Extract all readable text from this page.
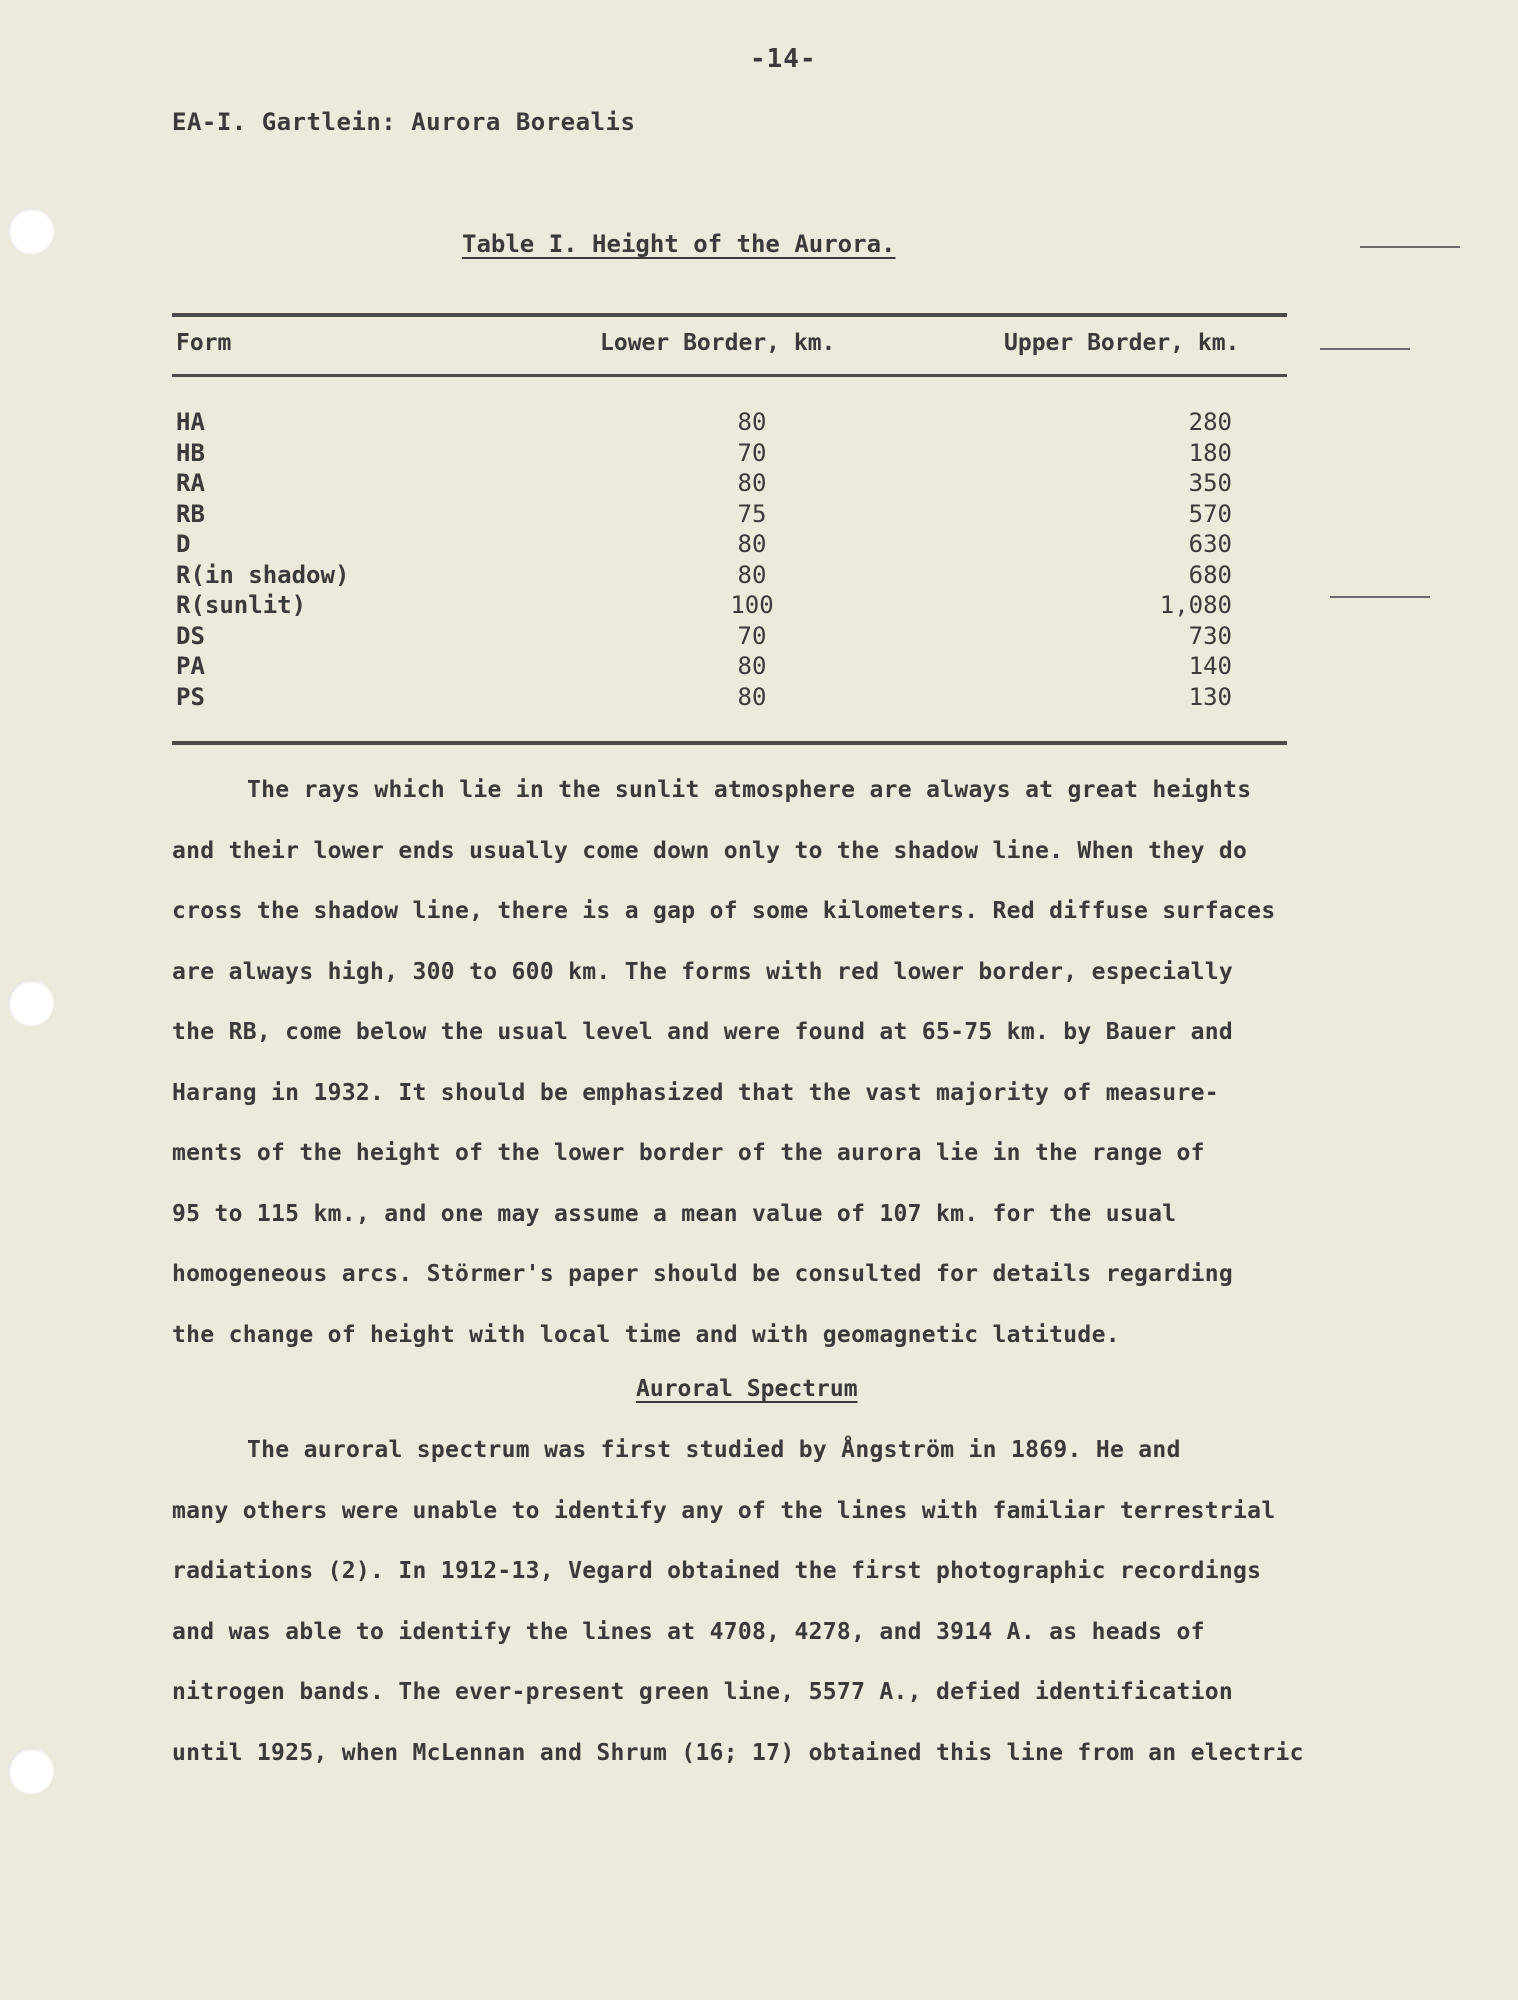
-14-
EA-I. Gartlein: Aurora Borealis
Table I. Height of the Aurora.
Form	Lower Border, km.	Upper Border, km.
HA	80	280
HB	70	180
RA	80	350
RB	75	570
D	80	630
R(in shadow)	80	680
R(sunlit)	100	1,080
DS	70	730
PA	80	140
PS	80	130
The rays which lie in the sunlit atmosphere are always at great heights
and their lower ends usually come down only to the shadow line. When they do
cross the shadow line, there is a gap of some kilometers. Red diffuse surfaces
are always high, 300 to 600 km. The forms with red lower border, especially
the RB, come below the usual level and were found at 65-75 km. by Bauer and
Harang in 1932. It should be emphasized that the vast majority of measure-
ments of the height of the lower border of the aurora lie in the range of
95 to 115 km., and one may assume a mean value of 107 km. for the usual
homogeneous arcs. Störmer's paper should be consulted for details regarding
the change of height with local time and with geomagnetic latitude.
Auroral Spectrum
The auroral spectrum was first studied by Ångström in 1869. He and
many others were unable to identify any of the lines with familiar terrestrial
radiations (2). In 1912-13, Vegard obtained the first photographic recordings
and was able to identify the lines at 4708, 4278, and 3914 A. as heads of
nitrogen bands. The ever-present green line, 5577 A., defied identification
until 1925, when McLennan and Shrum (16; 17) obtained this line from an electric
